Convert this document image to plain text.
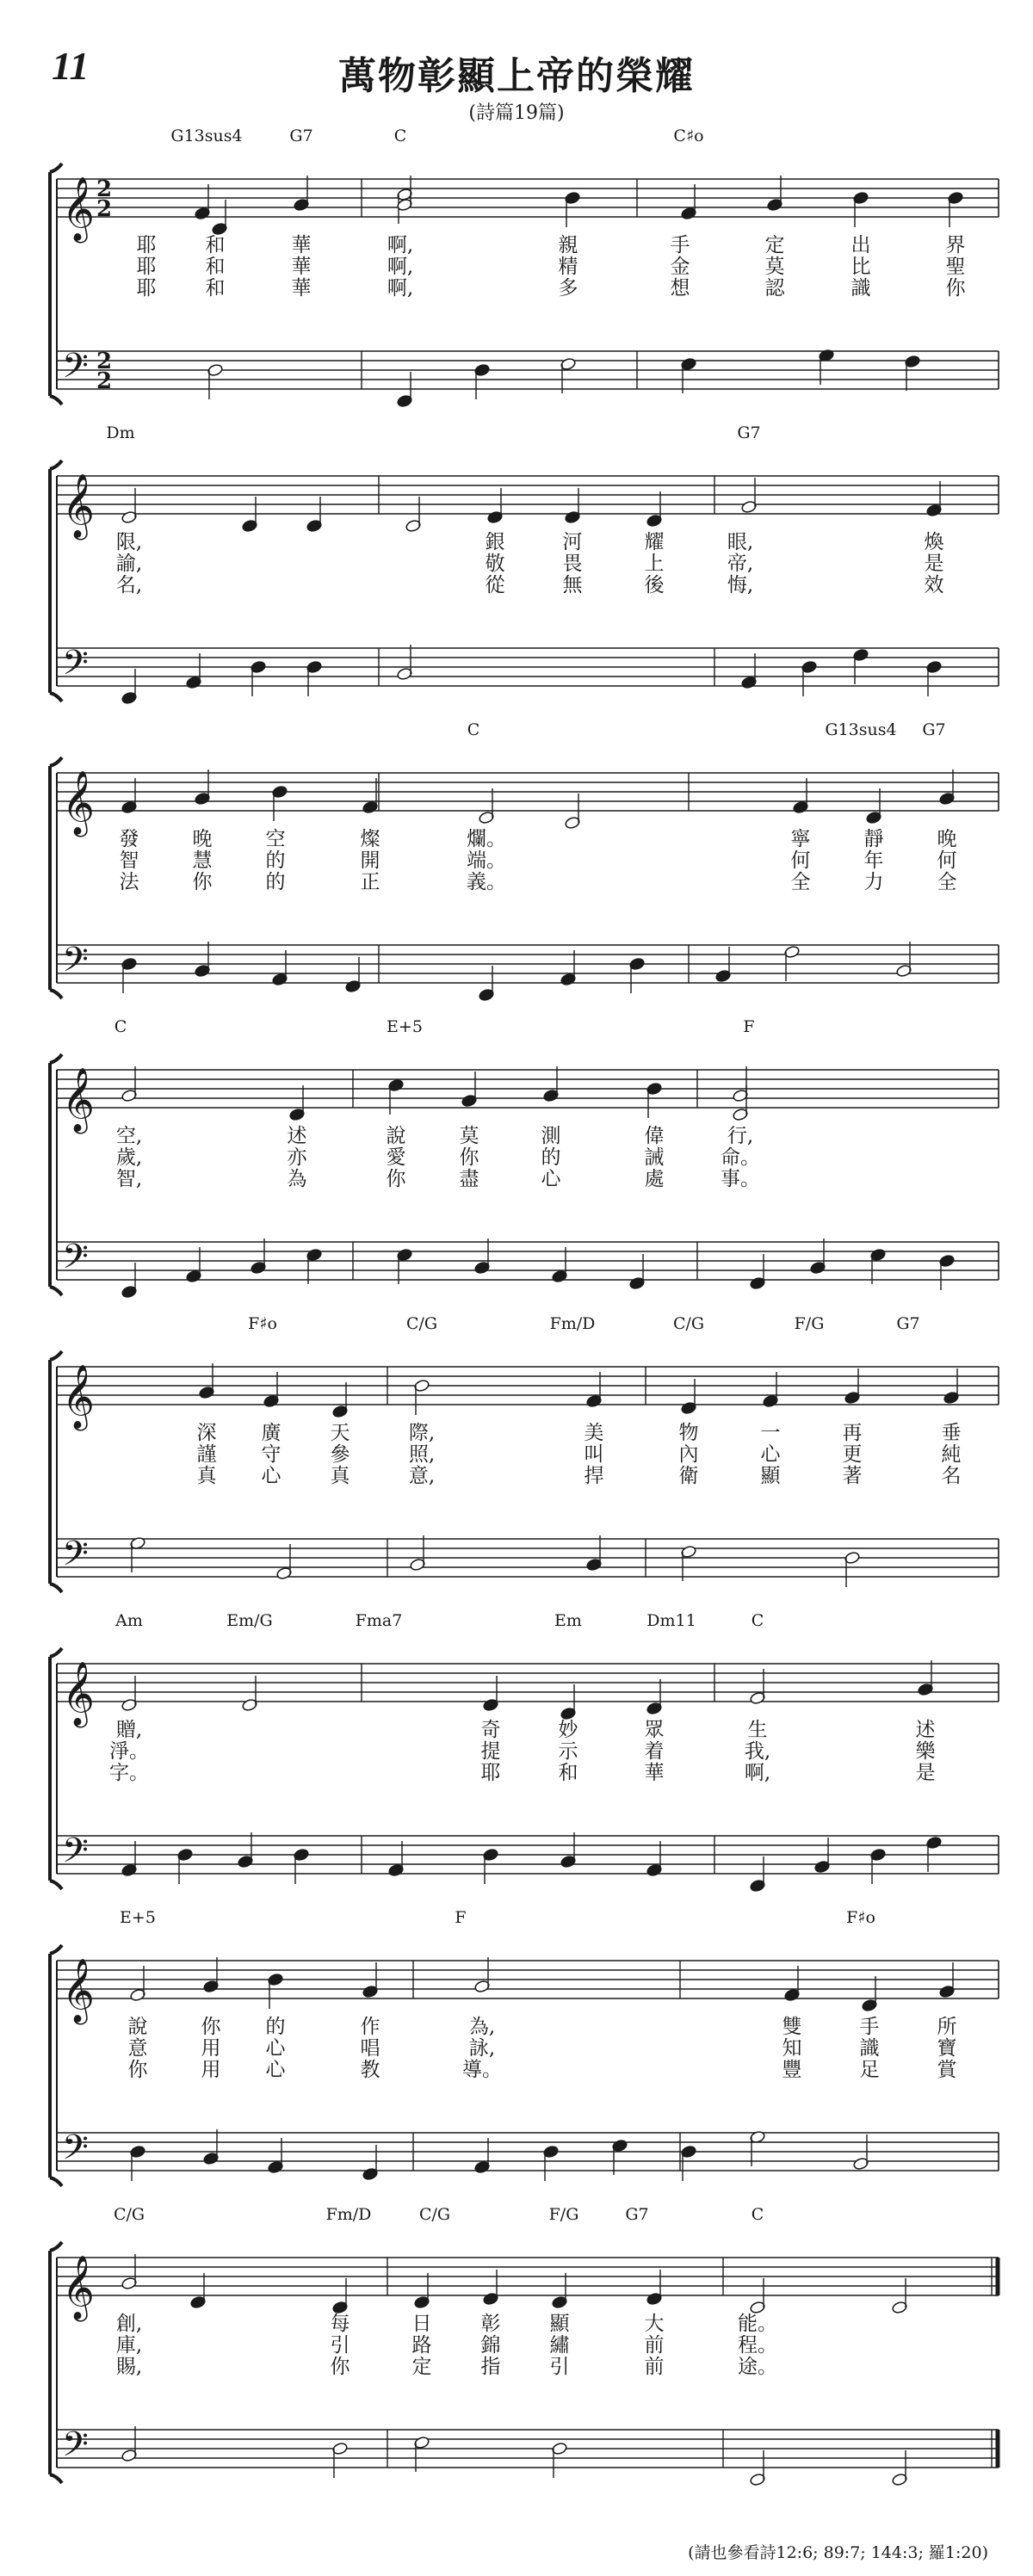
11	萬物彰顯上帝的榮耀
(詩篇19篇)
𝄞 2
2
𝄢 2
2
G13sus4	G7	C	C♯o
耶 和	華	啊,	親	手	定	出	界
耶 和	華	啊,	精	金	莫	比	聖
耶 和	華	啊,	多	想	認	識	你
𝄞
𝄢
Dm	G7
限,	銀	河	耀	眼,	煥
諭,	敬	畏	上	帝,	是
名,	從	無	後	悔,	效
𝄞
𝄢
C	G13sus4 G7
發	晚	空	燦	爛。	寧	靜	晚
智	慧	的	開	端。	何	年	何
法	你	的	正	義。	全	力	全
𝄞
𝄢
C	E+5	F
空,	述	說	莫	測	偉	行,
歲,	亦	愛	你	的	誡	命。
智,	為	你	盡	心	處	事。
𝄞
𝄢
F♯o	C/G	Fm/D	C/G	F/G	G7
深 廣 天	際,	美	物	一	再	垂
謹 守 參	照,	叫	內	心	更	純
真 心 真	意,	捍	衛	顯	著	名
𝄞
𝄢
Am	Em/G	Fma7	Em	Dm11	C
贈,	奇	妙	眾	生	述
淨。	提	示	着	我,	樂
字。	耶	和	華	啊,	是
𝄞
𝄢
E+5	F	F♯o
說	你 的	作	為,	雙	手	所
意	用 心	唱	詠,	知	識	寶
你	用 心	教	導。	豐	足	賞
𝄞
𝄢
C/G	Fm/D	C/G	F/G	G7	C
創,	每	日 彰 顯	大	能。
庫,	引	路 錦 繡	前	程。
賜,	你	定 指 引	前	途。
(請也參看詩12:6; 89:7; 144:3; 羅1:20)
